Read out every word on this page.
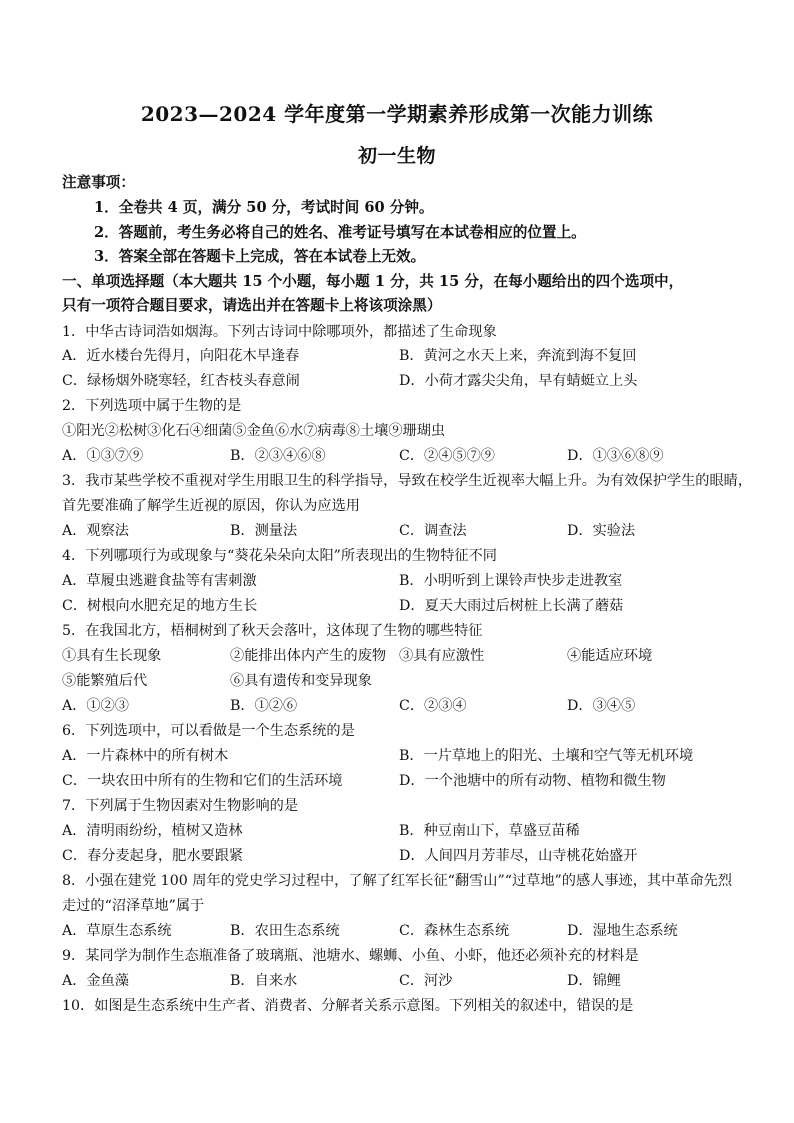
2023—2024 学年度第一学期素养形成第一次能力训练
初一生物
注意事项：
1．全卷共 4 页，满分 50 分，考试时间 60 分钟。
2．答题前，考生务必将自己的姓名、准考证号填写在本试卷相应的位置上。
3．答案全部在答题卡上完成，答在本试卷上无效。
一、单项选择题（本大题共 15 个小题，每小题 1 分，共 15 分，在每小题给出的四个选项中，
只有一项符合题目要求，请选出并在答题卡上将该项涂黑）
1．中华古诗词浩如烟海。下列古诗词中除哪项外，都描述了生命现象
A．近水楼台先得月，向阳花木早逢春	B．黄河之水天上来，奔流到海不复回
C．绿杨烟外晓寒轻，红杏枝头春意闹	D．小荷才露尖尖角，早有蜻蜓立上头
2．下列选项中属于生物的是
①阳光②松树③化石④细菌⑤金鱼⑥水⑦病毒⑧土壤⑨珊瑚虫
A．①③⑦⑨	B．②③④⑥⑧	C．②④⑤⑦⑨	D．①③⑥⑧⑨
3．我市某些学校不重视对学生用眼卫生的科学指导，导致在校学生近视率大幅上升。为有效保护学生的眼睛，
首先要准确了解学生近视的原因，你认为应选用
A．观察法	B．测量法	C．调查法	D．实验法
4．下列哪项行为或现象与“葵花朵朵向太阳”所表现出的生物特征不同
A．草履虫逃避食盐等有害刺激	B．小明听到上课铃声快步走进教室
C．树根向水肥充足的地方生长	D．夏天大雨过后树桩上长满了蘑菇
5．在我国北方，梧桐树到了秋天会落叶，这体现了生物的哪些特征
①具有生长现象	②能排出体内产生的废物 ③具有应激性	④能适应环境
⑤能繁殖后代	⑥具有遗传和变异现象
A．①②③	B．①②⑥	C．②③④	D．③④⑤
6．下列选项中，可以看做是一个生态系统的是
A．一片森林中的所有树木	B．一片草地上的阳光、土壤和空气等无机环境
C．一块农田中所有的生物和它们的生活环境	D．一个池塘中的所有动物、植物和微生物
7．下列属于生物因素对生物影响的是
A．清明雨纷纷，植树又造林	B．种豆南山下，草盛豆苗稀
C．春分麦起身，肥水要跟紧	D．人间四月芳菲尽，山寺桃花始盛开
8．小强在建党 100 周年的党史学习过程中，了解了红军长征“翻雪山”“过草地”的感人事迹，其中革命先烈
走过的“沼泽草地”属于
A．草原生态系统	B．农田生态系统	C．森林生态系统	D．湿地生态系统
9．某同学为制作生态瓶准备了玻璃瓶、池塘水、螺蛳、小鱼、小虾，他还必须补充的材料是
A．金鱼藻	B．自来水	C．河沙	D．锦鲤
10．如图是生态系统中生产者、消费者、分解者关系示意图。下列相关的叙述中，错误的是
